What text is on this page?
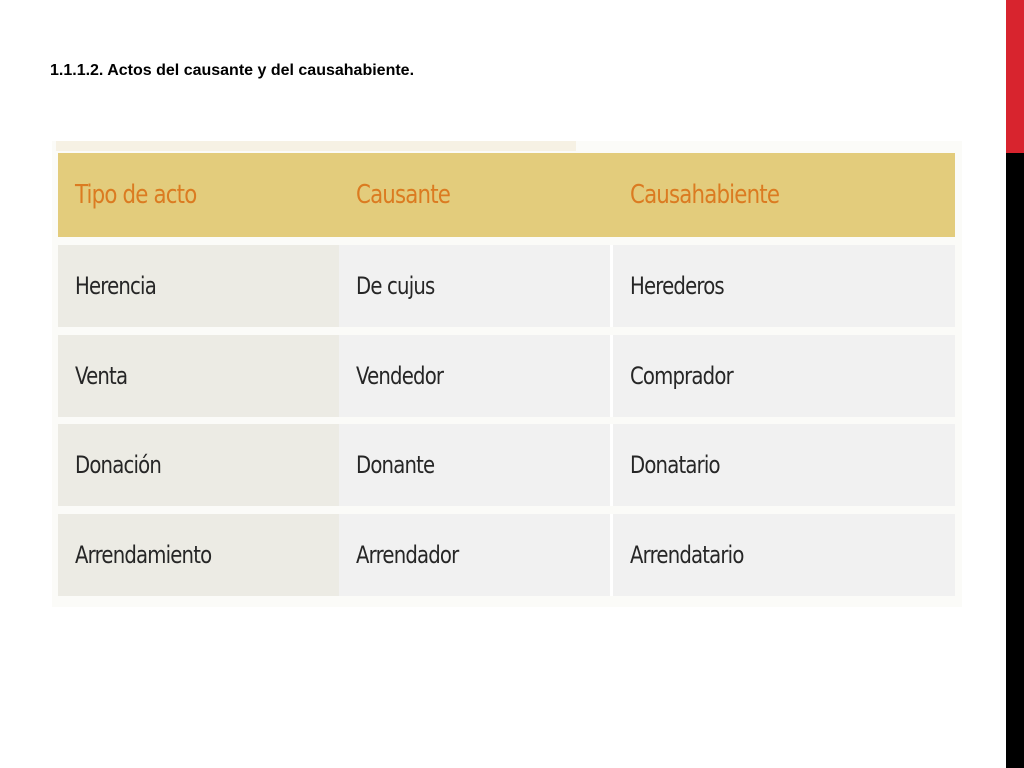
1.1.1.2. Actos del causante y del causahabiente.
Tipo de acto	Causante	Causahabiente
Herencia	De cujus	Herederos
Venta	Vendedor	Comprador
Donación	Donante	Donatario
Arrendamiento	Arrendador	Arrendatario
